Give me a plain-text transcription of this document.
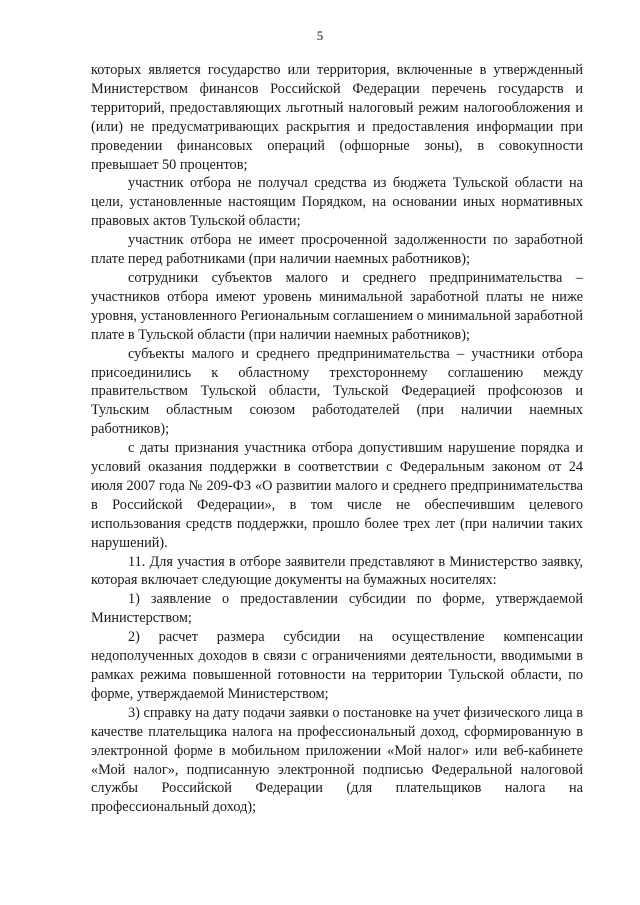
5

которых является государство или территория, включенные в утвержденный Министерством финансов Российской Федерации перечень государств и территорий, предоставляющих льготный налоговый режим налогообложения и (или) не предусматривающих раскрытия и предоставления информации при проведении финансовых операций (офшорные зоны), в совокупности превышает 50 процентов;

участник отбора не получал средства из бюджета Тульской области на цели, установленные настоящим Порядком, на основании иных нормативных правовых актов Тульской области;

участник отбора не имеет просроченной задолженности по заработной плате перед работниками (при наличии наемных работников);

сотрудники субъектов малого и среднего предпринимательства – участников отбора имеют уровень минимальной заработной платы не ниже уровня, установленного Региональным соглашением о минимальной заработной плате в Тульской области (при наличии наемных работников);

субъекты малого и среднего предпринимательства – участники отбора присоединились к областному трехстороннему соглашению между правительством Тульской области, Тульской Федерацией профсоюзов и Тульским областным союзом работодателей (при наличии наемных работников);

с даты признания участника отбора допустившим нарушение порядка и условий оказания поддержки в соответствии с Федеральным законом от 24 июля 2007 года № 209-ФЗ «О развитии малого и среднего предпринимательства в Российской Федерации», в том числе не обеспечившим целевого использования средств поддержки, прошло более трех лет (при наличии таких нарушений).

11. Для участия в отборе заявители представляют в Министерство заявку, которая включает следующие документы на бумажных носителях:

1) заявление о предоставлении субсидии по форме, утверждаемой Министерством;

2) расчет размера субсидии на осуществление компенсации недополученных доходов в связи с ограничениями деятельности, вводимыми в рамках режима повышенной готовности на территории Тульской области, по форме, утверждаемой Министерством;

3) справку на дату подачи заявки о постановке на учет физического лица в качестве плательщика налога на профессиональный доход, сформированную в электронной форме в мобильном приложении «Мой налог» или веб-кабинете «Мой налог», подписанную электронной подписью Федеральной налоговой службы Российской Федерации (для плательщиков налога на профессиональный доход);
